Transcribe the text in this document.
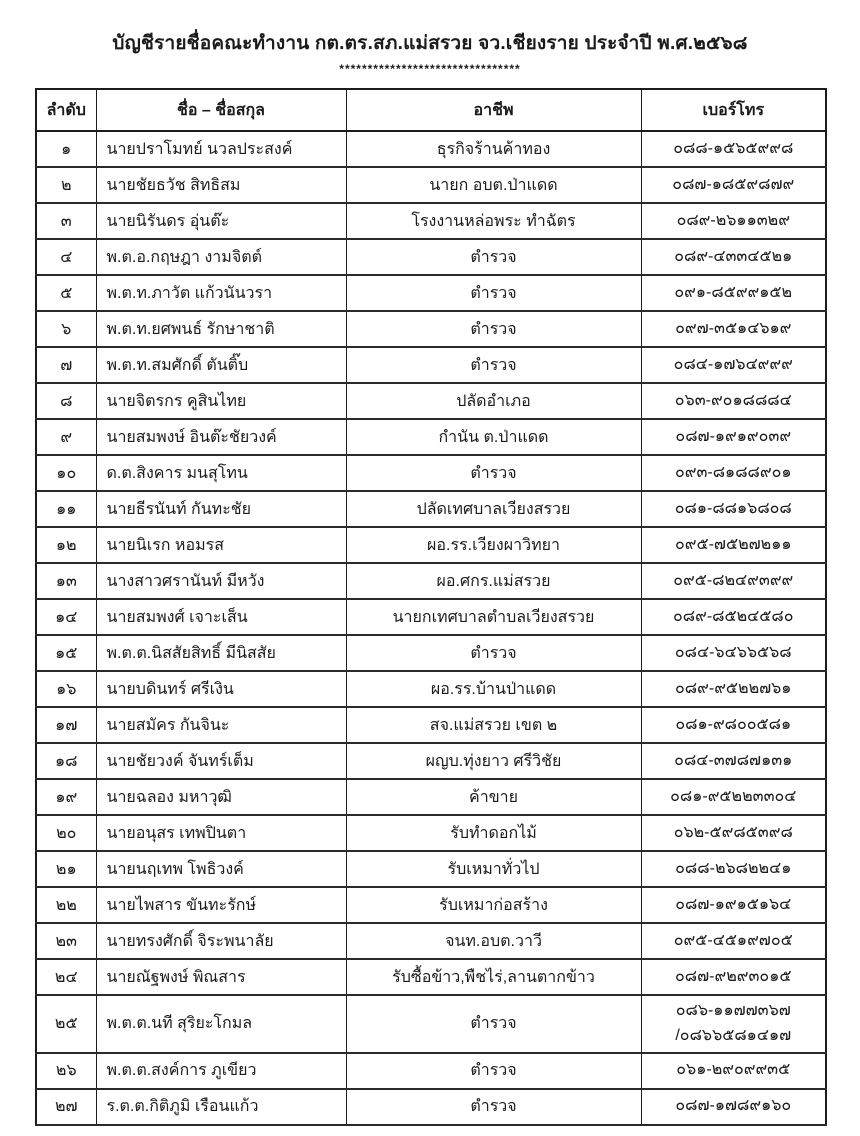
บัญชีรายชื่อคณะทำงาน กต.ตร.สภ.แม่สรวย จว.เชียงราย ประจำปี พ.ศ.๒๕๖๘
********************************
ลำดับ	ชื่อ – ชื่อสกุล	อาชีพ	เบอร์โทร
๑	นายปราโมทย์ นวลประสงค์	ธุรกิจร้านค้าทอง	๐๘๘-๑๕๖๕๙๙๘

๒	นายชัยธวัช สิทธิสม	นายก อบต.ป่าแดด	๐๘๗-๑๘๕๙๘๗๙

๓	นายนิรันดร อุ่นต๊ะ	โรงงานหล่อพระ ทำฉัตร	๐๘๙-๒๖๑๑๓๒๙

๔	พ.ต.อ.กฤษฎา งามจิตต์	ตำรวจ	๐๘๙-๔๓๓๔๕๒๑

๕	พ.ต.ท.ภาวัต แก้วนันวรา	ตำรวจ	๐๙๑-๘๕๙๙๑๕๒

๖	พ.ต.ท.ยศพนธ์ รักษาชาติ	ตำรวจ	๐๙๗-๓๕๑๔๖๑๙

๗	พ.ต.ท.สมศักดิ์ ตันติ๊บ	ตำรวจ	๐๘๔-๑๗๖๔๙๙๙

๘	นายจิตรกร คูสินไทย	ปลัดอำเภอ	๐๖๓-๙๐๑๘๘๘๔

๙	นายสมพงษ์ อินต๊ะชัยวงค์	กำนัน ต.ป่าแดด	๐๘๗-๑๙๑๙๐๓๙

๑๐	ด.ต.สิงคาร มนสุโทน	ตำรวจ	๐๙๓-๘๑๘๘๙๐๑

๑๑	นายธีรนันท์ กันทะชัย	ปลัดเทศบาลเวียงสรวย	๐๘๑-๘๘๑๖๘๐๘

๑๒	นายนิเรก หอมรส	ผอ.รร.เวียงผาวิทยา	๐๙๕-๗๕๒๗๒๑๑

๑๓	นางสาวศรานันท์ มีหวัง	ผอ.ศกร.แม่สรวย	๐๙๕-๘๒๔๙๓๙๙

๑๔	นายสมพงศ์ เจาะเส็น	นายกเทศบาลตำบลเวียงสรวย	๐๘๙-๘๕๒๔๕๘๐

๑๕	พ.ต.ต.นิสสัยสิทธิ์ มีนิสสัย	ตำรวจ	๐๘๔-๖๔๖๖๕๖๘

๑๖	นายบดินทร์ ศรีเงิน	ผอ.รร.บ้านป่าแดด	๐๘๙-๙๕๒๒๗๖๑

๑๗	นายสมัคร กันจินะ	สจ.แม่สรวย เขต ๒	๐๘๑-๙๘๐๐๕๘๑

๑๘	นายชัยวงค์ จันทร์เต็ม	ผญบ.ทุ่งยาว ศรีวิชัย	๐๘๔-๓๗๘๗๑๓๑

๑๙	นายฉลอง มหาวุฒิ	ค้าขาย	๐๘๑-๙๕๒๒๓๓๐๔

๒๐	นายอนุสร เทพปินตา	รับทำดอกไม้	๐๖๒-๕๙๘๕๓๙๘

๒๑	นายนฤเทพ โพธิวงค์	รับเหมาทั่วไป	๐๘๘-๒๖๘๒๒๔๑

๒๒	นายไพสาร ขันทะรักษ์	รับเหมาก่อสร้าง	๐๘๗-๑๙๑๕๑๖๔

๒๓	นายทรงศักดิ์ จิระพนาลัย	จนท.อบต.วาวี	๐๙๕-๔๕๑๙๗๐๕

๒๔	นายณัฐพงษ์ พิณสาร	รับซื้อข้าว,พืชไร่,ลานตากข้าว	๐๘๗-๙๒๙๓๐๑๕

๒๕	พ.ต.ต.นที สุริยะโกมล	ตำรวจ	๐๘๖-๑๑๗๗๓๖๗
/๐๘๖๖๕๘๑๔๑๗

๒๖	พ.ต.ต.สงค์การ ภูเขียว	ตำรวจ	๐๖๑-๒๙๐๙๙๓๕

๒๗	ร.ต.ต.กิติภูมิ เรือนแก้ว	ตำรวจ	๐๘๗-๑๗๘๙๑๖๐
